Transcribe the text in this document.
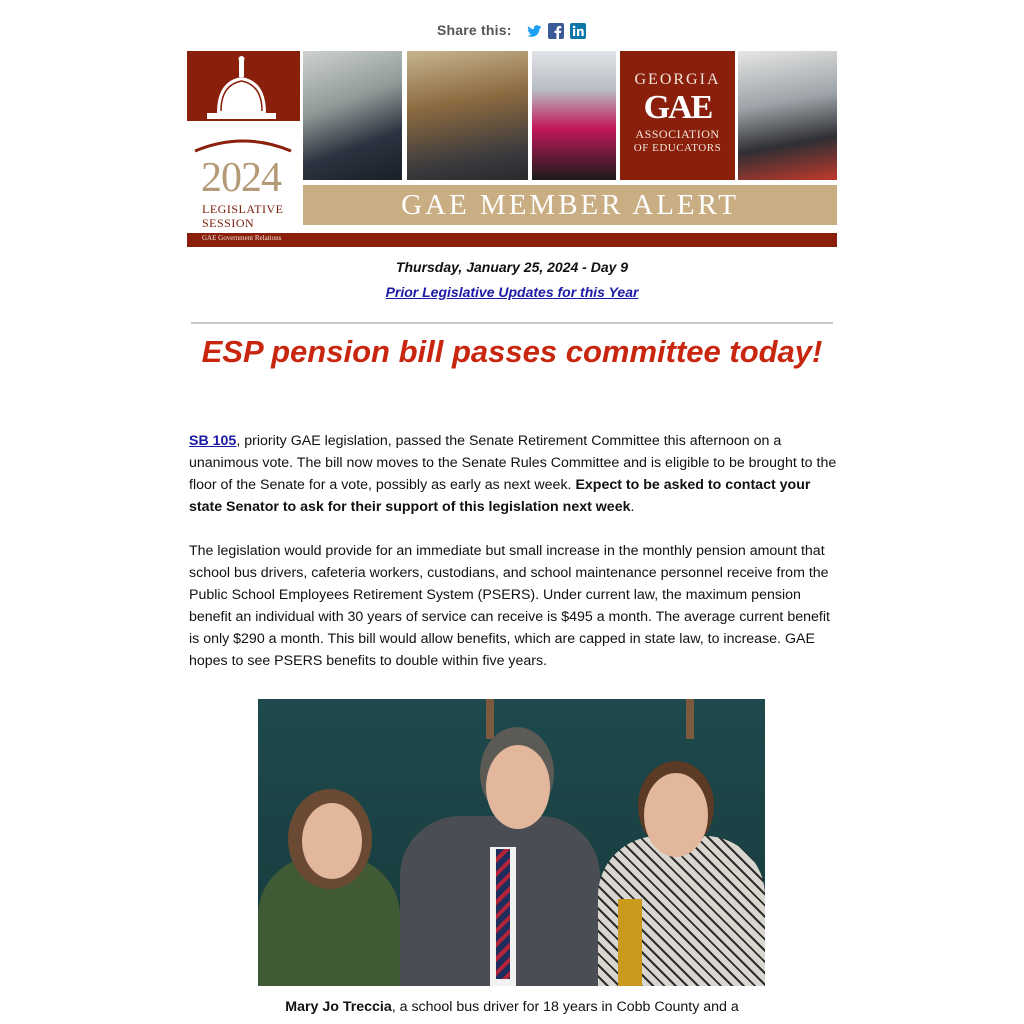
Share this:
2024
LEGISLATIVE
SESSION
GEORGIA
GAE
ASSOCIATION
OF EDUCATORS
GAE MEMBER ALERT
GAE Government Relations
Thursday, January 25, 2024 - Day 9
Prior Legislative Updates for this Year
ESP pension bill passes committee today!
SB 105, priority GAE legislation, passed the Senate Retirement Committee this afternoon on a unanimous vote. The bill now moves to the Senate Rules Committee and is eligible to be brought to the floor of the Senate for a vote, possibly as early as next week. Expect to be asked to contact your state Senator to ask for their support of this legislation next week.
The legislation would provide for an immediate but small increase in the monthly pension amount that school bus drivers, cafeteria workers, custodians, and school maintenance personnel receive from the Public School Employees Retirement System (PSERS). Under current law, the maximum pension benefit an individual with 30 years of service can receive is $495 a month. The average current benefit is only $290 a month. This bill would allow benefits, which are capped in state law, to increase. GAE hopes to see PSERS benefits to double within five years.
Mary Jo Treccia, a school bus driver for 18 years in Cobb County and a
